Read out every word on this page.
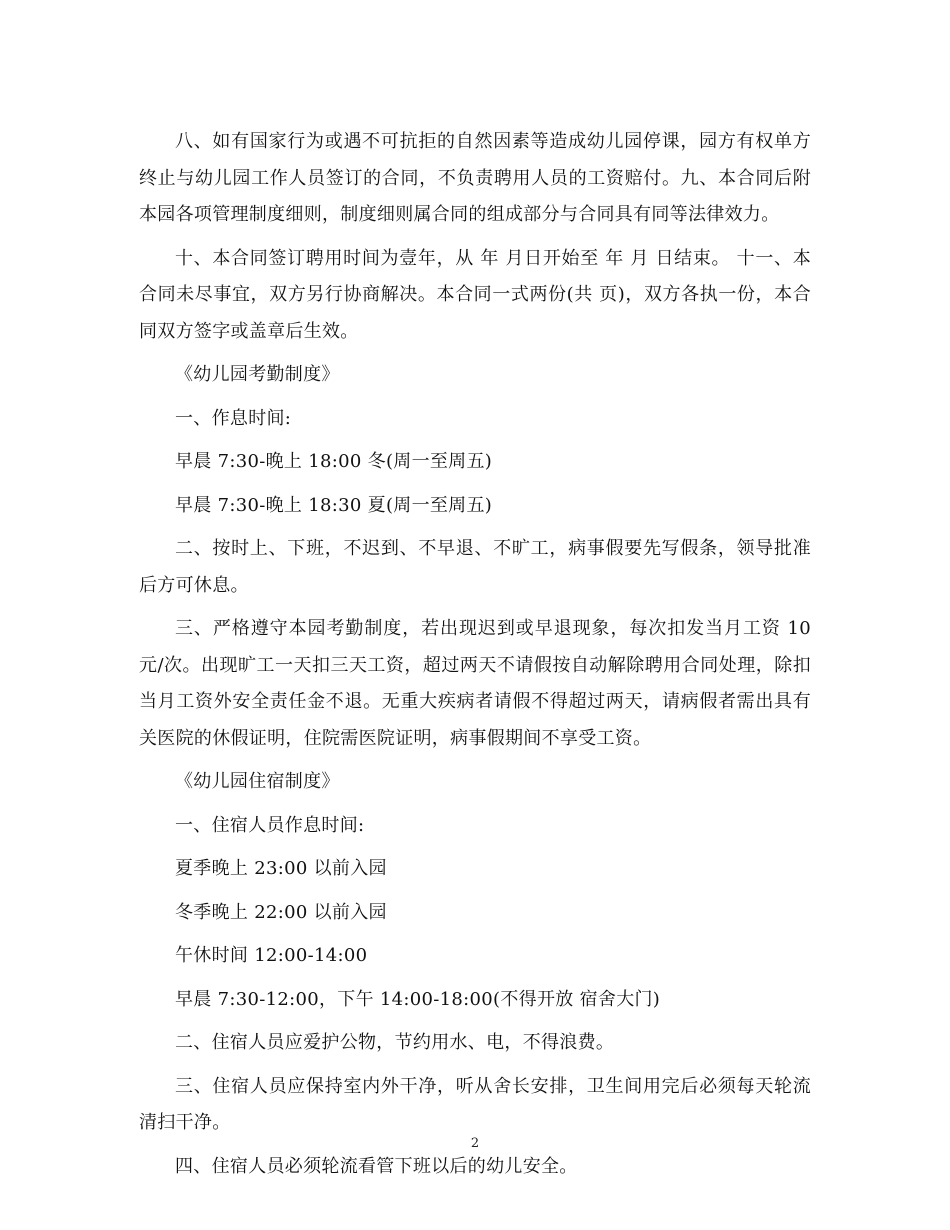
八、如有国家行为或遇不可抗拒的自然因素等造成幼儿园停课，园方有权单方终止与幼儿园工作人员签订的合同，不负责聘用人员的工资赔付。九、本合同后附本园各项管理制度细则，制度细则属合同的组成部分与合同具有同等法律效力。

十、本合同签订聘用时间为壹年，从 年 月日开始至 年 月 日结束。 十一、本合同未尽事宜，双方另行协商解决。本合同一式两份(共 页)，双方各执一份，本合同双方签字或盖章后生效。

《幼儿园考勤制度》

一、作息时间:

早晨 7:30-晚上 18:00 冬(周一至周五)

早晨 7:30-晚上 18:30 夏(周一至周五)

二、按时上、下班，不迟到、不早退、不旷工，病事假要先写假条，领导批准后方可休息。

三、严格遵守本园考勤制度，若出现迟到或早退现象，每次扣发当月工资 10 元/次。出现旷工一天扣三天工资，超过两天不请假按自动解除聘用合同处理，除扣当月工资外安全责任金不退。无重大疾病者请假不得超过两天，请病假者需出具有关医院的休假证明，住院需医院证明，病事假期间不享受工资。

《幼儿园住宿制度》

一、住宿人员作息时间:

夏季晚上 23:00 以前入园

冬季晚上 22:00 以前入园

午休时间 12:00-14:00

早晨 7:30-12:00，下午 14:00-18:00(不得开放 宿舍大门)

二、住宿人员应爱护公物，节约用水、电，不得浪费。

三、住宿人员应保持室内外干净，听从舍长安排，卫生间用完后必须每天轮流清扫干净。

四、住宿人员必须轮流看管下班以后的幼儿安全。

2
